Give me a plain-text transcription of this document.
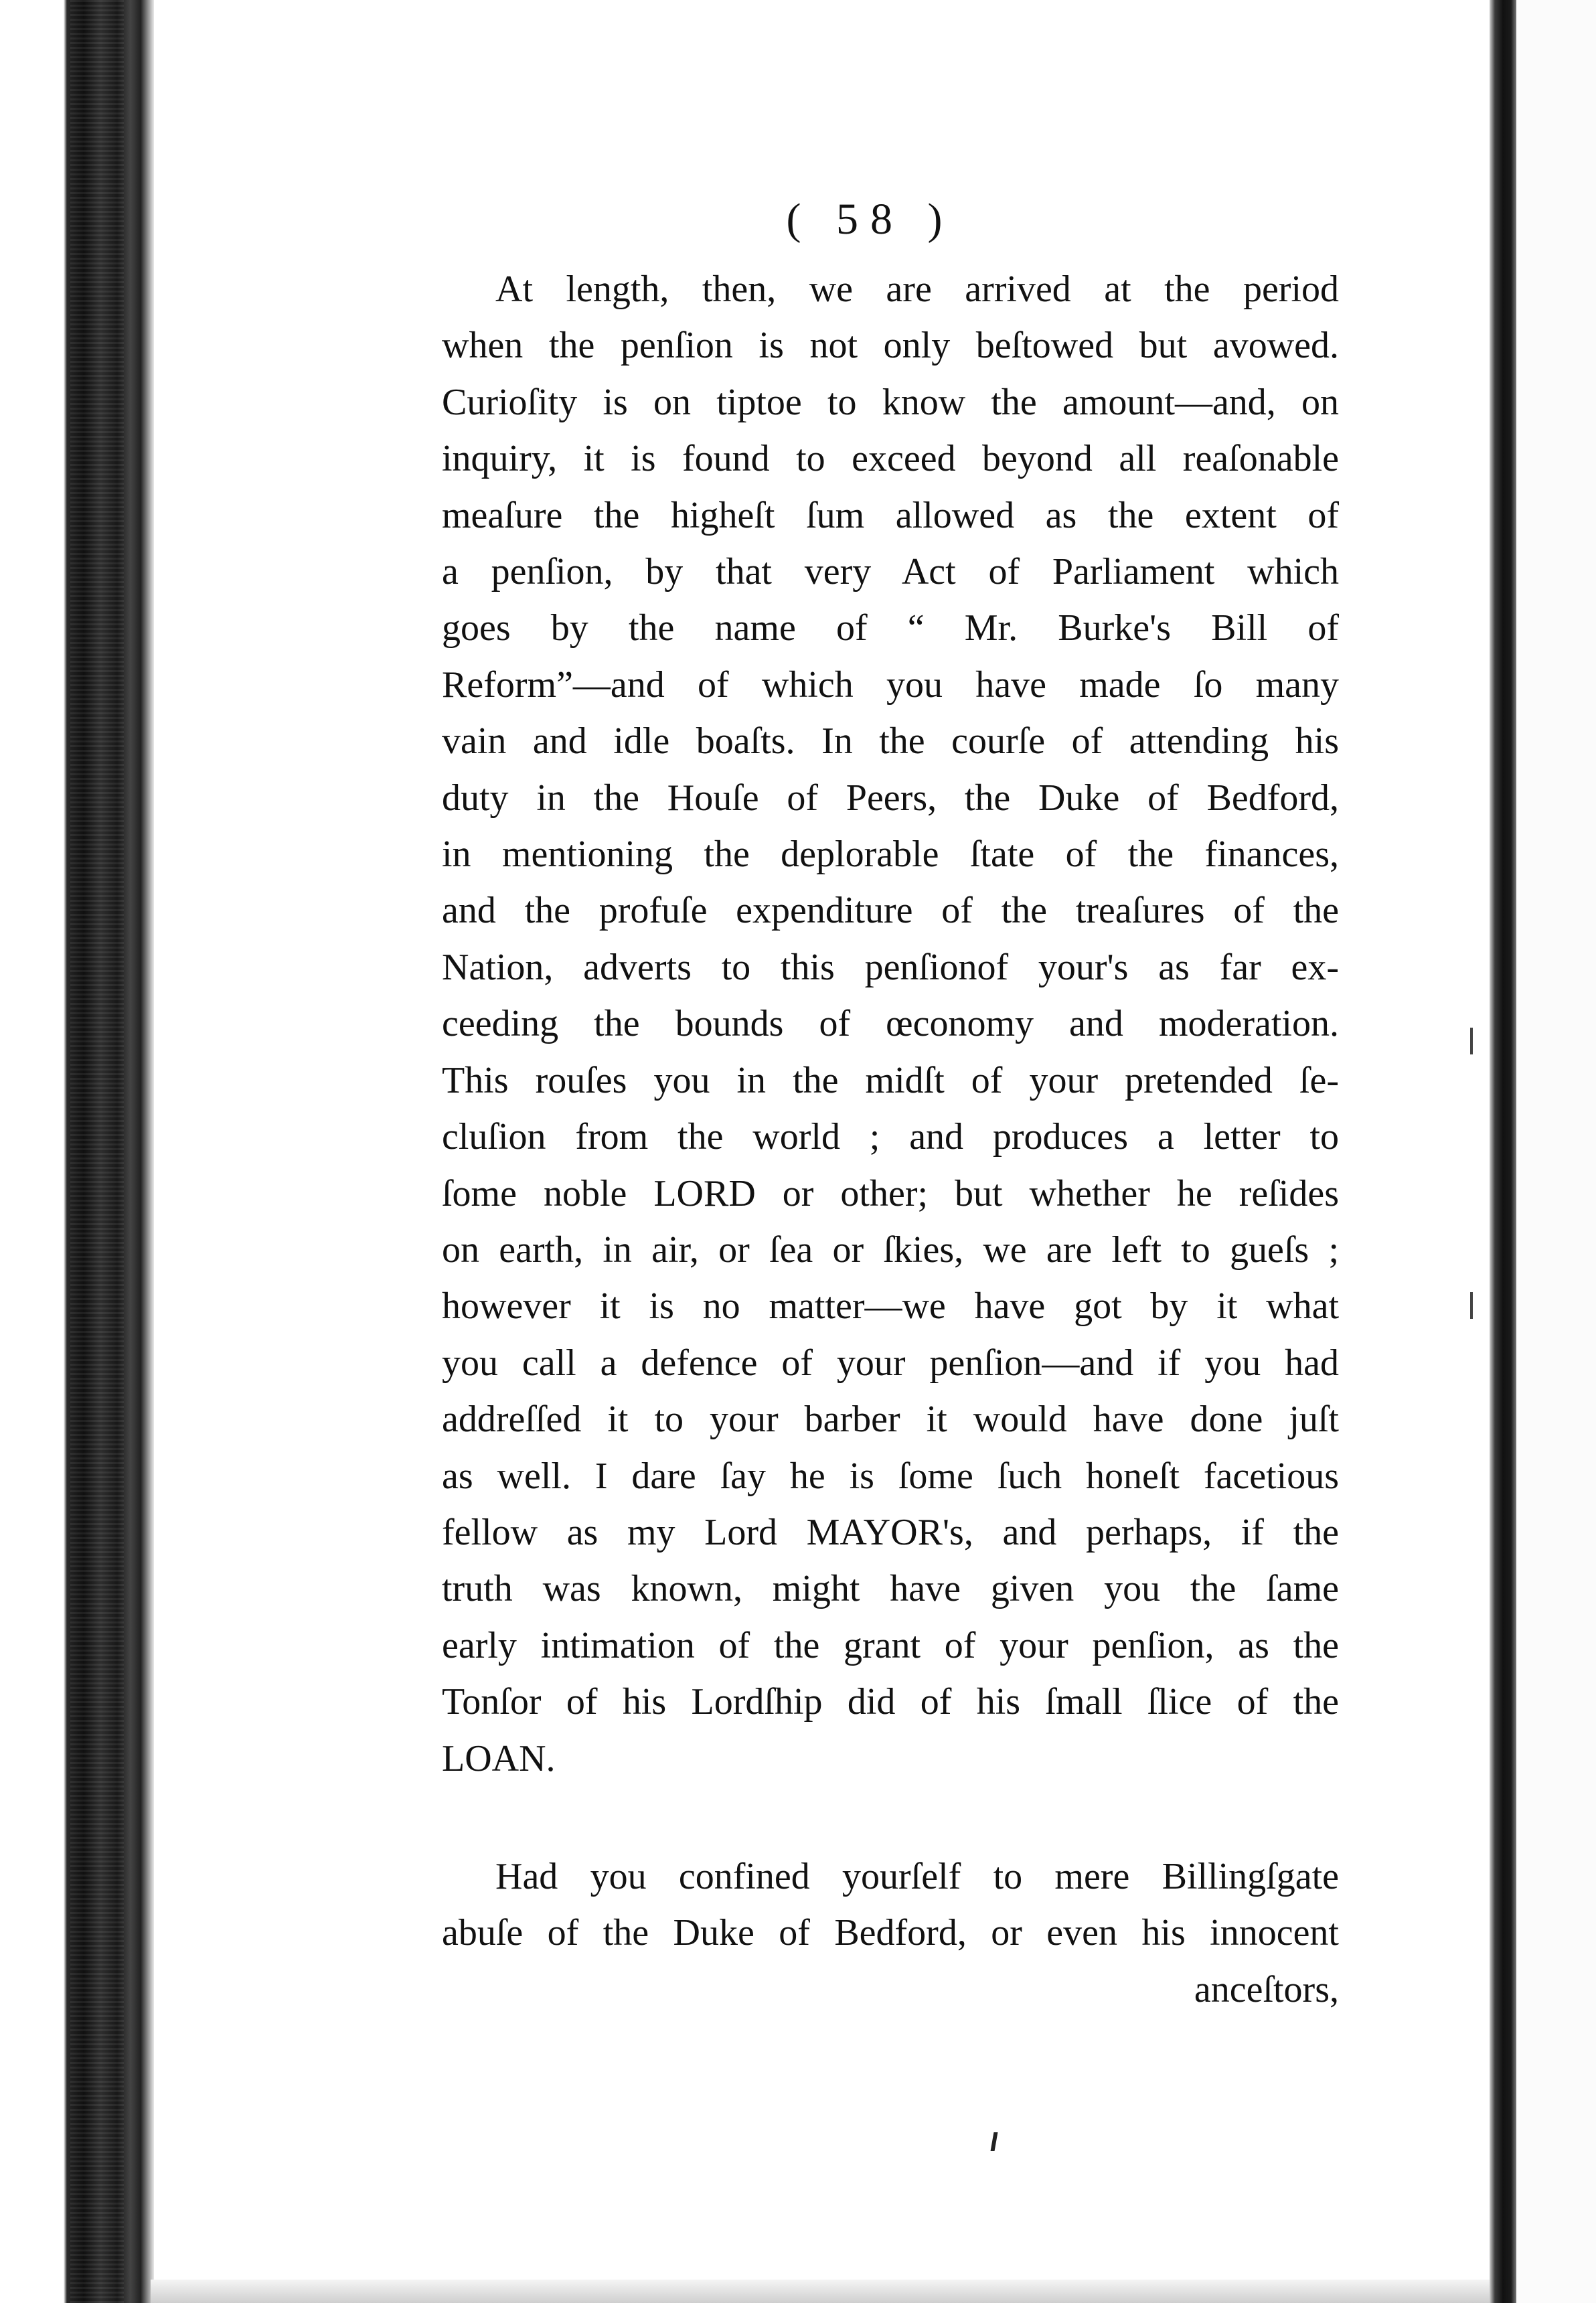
( 58 )
At length, then, we are arrived at the period
when the penſion is not only beſtowed but avowed.
Curioſity is on tiptoe to know the amount—and, on
inquiry, it is found to exceed beyond all reaſonable
meaſure the higheſt ſum allowed as the extent of
a penſion, by that very Act of Parliament which
goes by the name of “ Mr. Burke's Bill of
Reform”—and of which you have made ſo many
vain and idle boaſts. In the courſe of attending his
duty in the Houſe of Peers, the Duke of Bedford,
in mentioning the deplorable ſtate of the finances,
and the profuſe expenditure of the treaſures of the
Nation, adverts to this penſionof your's as far ex-
ceeding the bounds of œconomy and moderation.
This rouſes you in the midſt of your pretended ſe-
cluſion from the world ; and produces a letter to
ſome noble LORD or other; but whether he reſides
on earth, in air, or ſea or ſkies, we are left to gueſs ;
however it is no matter—we have got by it what
you call a defence of your penſion—and if you had
addreſſed it to your barber it would have done juſt
as well. I dare ſay he is ſome ſuch honeſt facetious
fellow as my Lord MAYOR's, and perhaps, if the
truth was known, might have given you the ſame
early intimation of the grant of your penſion, as the
Tonſor of his Lordſhip did of his ſmall ſlice of the
LOAN.
Had you confined yourſelf to mere Billingſgate
abuſe of the Duke of Bedford, or even his innocent

anceſtors,
